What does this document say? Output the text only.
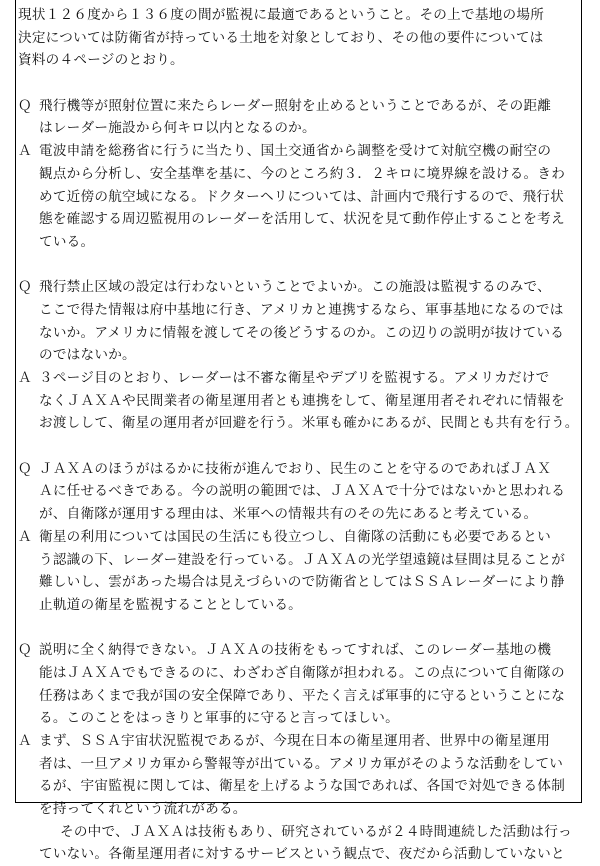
現状１２６度から１３６度の間が監視に最適であるということ。その上で基地の場所
決定については防衛省が持っている土地を対象としており、その他の要件については
資料の４ページのとおり。
Ｑ 飛行機等が照射位置に来たらレーダー照射を止めるということであるが、その距離
はレーダー施設から何キロ以内となるのか。
Ａ 電波申請を総務省に行うに当たり、国土交通省から調整を受けて対航空機の耐空の
観点から分析し、安全基準を基に、今のところ約３．２キロに境界線を設ける。きわ
めて近傍の航空域になる。ドクターヘリについては、計画内で飛行するので、飛行状
態を確認する周辺監視用のレーダーを活用して、状況を見て動作停止することを考え
ている。
Ｑ 飛行禁止区域の設定は行わないということでよいか。この施設は監視するのみで、
ここで得た情報は府中基地に行き、アメリカと連携するなら、軍事基地になるのでは
ないか。アメリカに情報を渡してその後どうするのか。この辺りの説明が抜けている
のではないか。
Ａ ３ページ目のとおり、レーダーは不審な衛星やデブリを監視する。アメリカだけで
なくＪＡＸＡや民間業者の衛星運用者とも連携をして、衛星運用者それぞれに情報を
お渡しして、衛星の運用者が回避を行う。米軍も確かにあるが、民間とも共有を行う。
Ｑ ＪＡＸＡのほうがはるかに技術が進んでおり、民生のことを守るのであればＪＡＸ
Ａに任せるべきである。今の説明の範囲では、ＪＡＸＡで十分ではないかと思われる
が、自衛隊が運用する理由は、米軍への情報共有のその先にあると考えている。
Ａ 衛星の利用については国民の生活にも役立つし、自衛隊の活動にも必要であるとい
う認識の下、レーダー建設を行っている。ＪＡＸＡの光学望遠鏡は昼間は見ることが
難しいし、雲があった場合は見えづらいので防衛省としてはＳＳＡレーダーにより静
止軌道の衛星を監視することとしている。
Ｑ 説明に全く納得できない。ＪＡＸＡの技術をもってすれば、このレーダー基地の機
能はＪＡＸＡでもできるのに、わざわざ自衛隊が担われる。この点について自衛隊の
任務はあくまで我が国の安全保障であり、平たく言えば軍事的に守るということにな
る。このことをはっきりと軍事的に守ると言ってほしい。
Ａ まず、ＳＳＡ宇宙状況監視であるが、今現在日本の衛星運用者、世界中の衛星運用
者は、一旦アメリカ軍から警報等が出ている。アメリカ軍がそのような活動をしてい
るが、宇宙監視に関しては、衛星を上げるような国であれば、各国で対処できる体制
を持ってくれという流れがある。
その中で、ＪＡＸＡは技術もあり、研究されているが２４時間連続した活動は行っ
ていない。各衛星運用者に対するサービスという観点で、夜だから活動していないと
